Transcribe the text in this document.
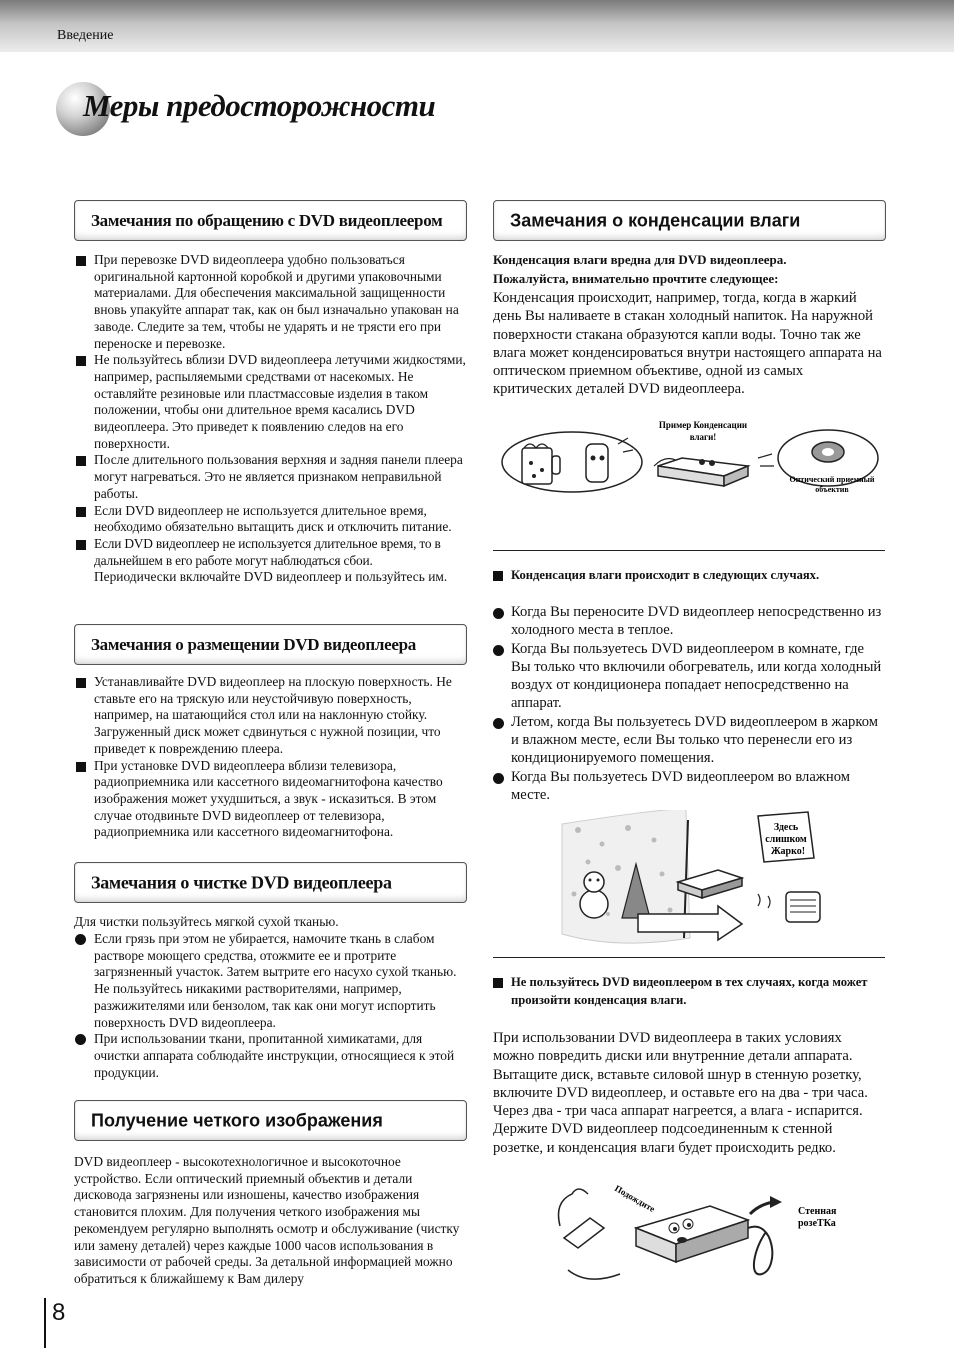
Введение
Меры предосторожности
Замечания по обращению с DVD видеоплеером
При перевозке DVD видеоплеера удобно пользоваться оригинальной картонной коробкой и другими упаковочными материалами. Для обеспечения максимальной защищенности вновь упакуйте аппарат так, как он был изначально упакован на заводе. Следите за тем, чтобы не ударять и не трясти его при переноске и перевозке.
Не пользуйтесь вблизи DVD видеоплеера летучими жидкостями, например, распыляемыми средствами от насекомых. Не оставляйте резиновые или пластмассовые изделия в таком положении, чтобы они длительное время касались DVD видеоплеера. Это приведет к появлению следов на его поверхности.
После длительного пользования верхняя и задняя панели плеера могут нагреваться. Это не является признаком неправильной работы.
Если DVD видеоплеер не используется длительное время, необходимо обязательно вытащить диск и отключить питание.
Если DVD видеоплеер не используется длительное время, то в дальнейшем в его работе могут наблюдаться сбои.
Периодически включайте DVD видеоплеер и пользуйтесь им.
Замечания о размещении DVD видеоплеера
Устанавливайте DVD видеоплеер на плоскую поверхность. Не ставьте его на тряскую или неустойчивую поверхность, например, на шатающийся стол или на наклонную стойку. Загруженный диск может сдвинуться с нужной позиции, что приведет к повреждению плеера.
При установке DVD видеоплеера вблизи телевизора, радиоприемника или кассетного видеомагнитофона качество изображения может ухудшиться, а звук - исказиться. В этом случае отодвиньте DVD видеоплеер от телевизора, радиоприемника или кассетного видеомагнитофона.
Замечания о чистке DVD видеоплеера
Для чистки пользуйтесь мягкой сухой тканью.
Если грязь при этом не убирается, намочите ткань в слабом растворе моющего средства, отожмите ее и протрите загрязненный участок. Затем вытрите его насухо сухой тканью.
Не пользуйтесь никакими растворителями, например, разжижителями или бензолом, так как они могут испортить поверхность DVD видеоплеера.
При использовании ткани, пропитанной химикатами, для очистки аппарата соблюдайте инструкции, относящиеся к этой продукции.
Получение четкого изображения
DVD видеоплеер - высокотехнологичное и высокоточное устройство. Если оптический приемный объектив и детали дисковода загрязнены или изношены, качество изображения становится плохим. Для получения четкого изображения мы рекомендуем регулярно выполнять осмотр и обслуживание (чистку или замену деталей) через каждые 1000 часов использования в зависимости от рабочей среды. За детальной информацией можно обратиться к ближайшему к Вам дилеру
Замечания о конденсации влаги
Конденсация влаги вредна для DVD видеоплеера.
Пожалуйста, внимательно прочтите следующее:
Конденсация происходит, например, тогда, когда в жаркий день Вы наливаете в стакан холодный напиток. На наружной поверхности стакана образуются капли воды. Точно так же влага может конденсироваться внутри настоящего аппарата на оптическом приемном объективе, одной из самых критических деталей DVD видеоплеера.
Пример Конденсации
влаги!
Оптический приемный
объектив
Конденсация влаги происходит в следующих случаях.
Когда Вы переносите DVD видеоплеер непосредственно из холодного места в теплое.
Когда Вы пользуетесь DVD видеоплеером в комнате, где Вы только что включили обогреватель, или когда холодный воздух от кондиционера попадает непосредственно на аппарат.
Летом, когда Вы пользуетесь DVD видеоплеером в жарком и влажном месте, если Вы только что перенесли его из кондиционируемого помещения.
Когда Вы пользуетесь DVD видеоплеером во влажном месте.
Здесь
слишком
Жарко!
Не пользуйтесь DVD видеоплеером в тех случаях, когда может произойти конденсация влаги.
При использовании DVD видеоплеера в таких условиях можно повредить диски или внутренние детали аппарата. Вытащите диск, вставьте силовой шнур в стенную розетку, включите DVD видеоплеер, и оставьте его на два - три часа. Через два - три часа аппарат нагреется, а влага - испарится. Держите DVD видеоплеер подсоединенным к стенной розетке, и конденсация влаги будет происходить редко.
Подождите	Стенная
розеТКа
8
